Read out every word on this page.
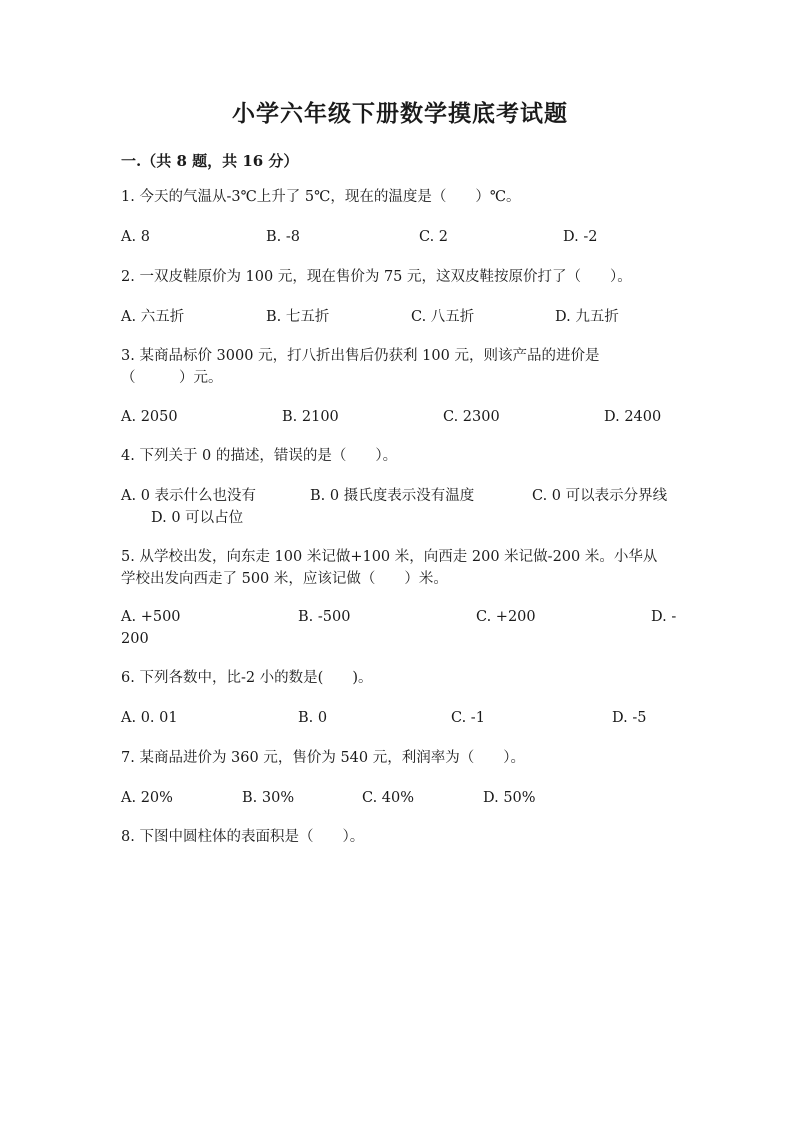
小学六年级下册数学摸底考试题
一.（共 8 题，共 16 分）
1. 今天的气温从-3℃上升了 5℃，现在的温度是（　　）℃。
A. 8	B. -8	C. 2	D. -2
2. 一双皮鞋原价为 100 元，现在售价为 75 元，这双皮鞋按原价打了（　　）。
A. 六五折	B. 七五折	C. 八五折	D. 九五折
3. 某商品标价 3000 元，打八折出售后仍获利 100 元，则该产品的进价是
（　　　）元。
A. 2050	B. 2100	C. 2300	D. 2400
4. 下列关于 0 的描述，错误的是（　　）。
A. 0 表示什么也没有	B. 0 摄氏度表示没有温度	C. 0 可以表示分界线
D. 0 可以占位
5. 从学校出发，向东走 100 米记做+100 米，向西走 200 米记做-200 米。小华从
学校出发向西走了 500 米，应该记做（　　）米。
A. +500	B. -500	C. +200	D. -
200
6. 下列各数中，比-2 小的数是(　　)。
A. 0. 01	B. 0	C. -1	D. -5
7. 某商品进价为 360 元，售价为 540 元，利润率为（　　）。
A. 20%	B. 30%	C. 40%	D. 50%
8. 下图中圆柱体的表面积是（　　）。
